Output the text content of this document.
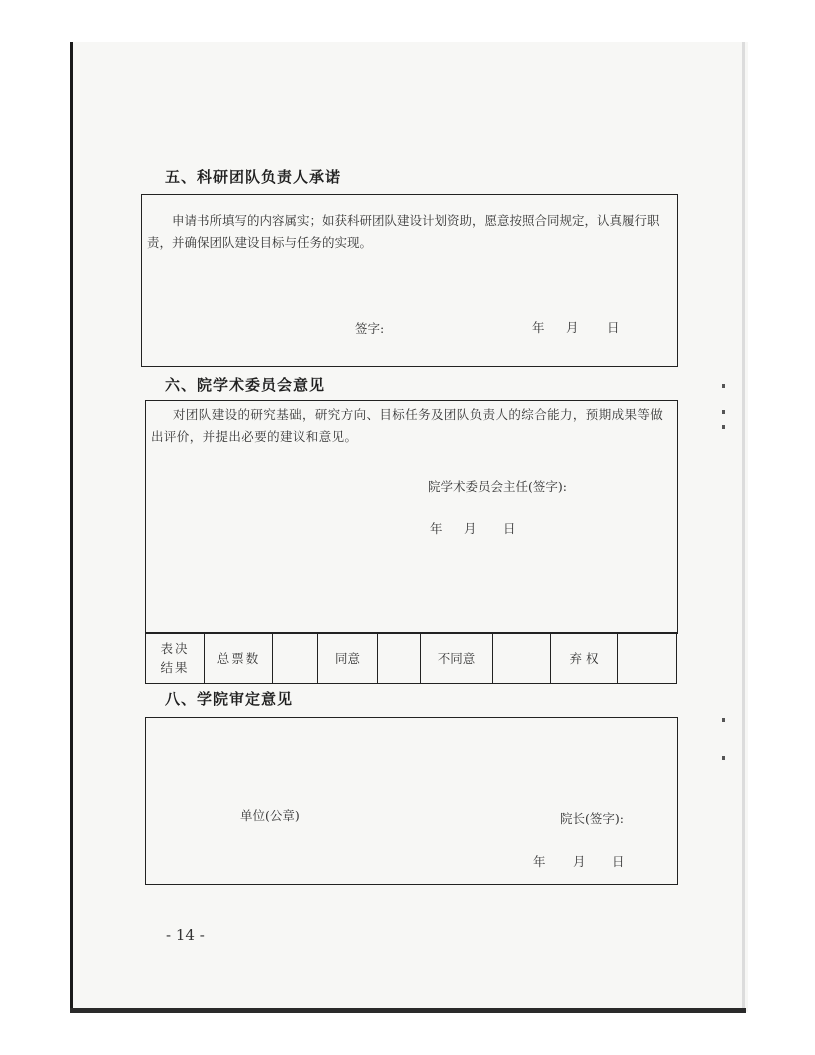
五、科研团队负责人承诺
申请书所填写的内容属实；如获科研团队建设计划资助，愿意按照合同规定，认真履行职责，并确保团队建设目标与任务的实现。
签字:	年 月 日
六、院学术委员会意见
对团队建设的研究基础，研究方向、目标任务及团队负责人的综合能力，预期成果等做出评价，并提出必要的建议和意见。
院学术委员会主任(签字):
年 月 日
表决
结果
	总票数		同意		不同意		弃 权	
八、学院审定意见
单位(公章)	院长(签字):
年 月 日
- 14 -
